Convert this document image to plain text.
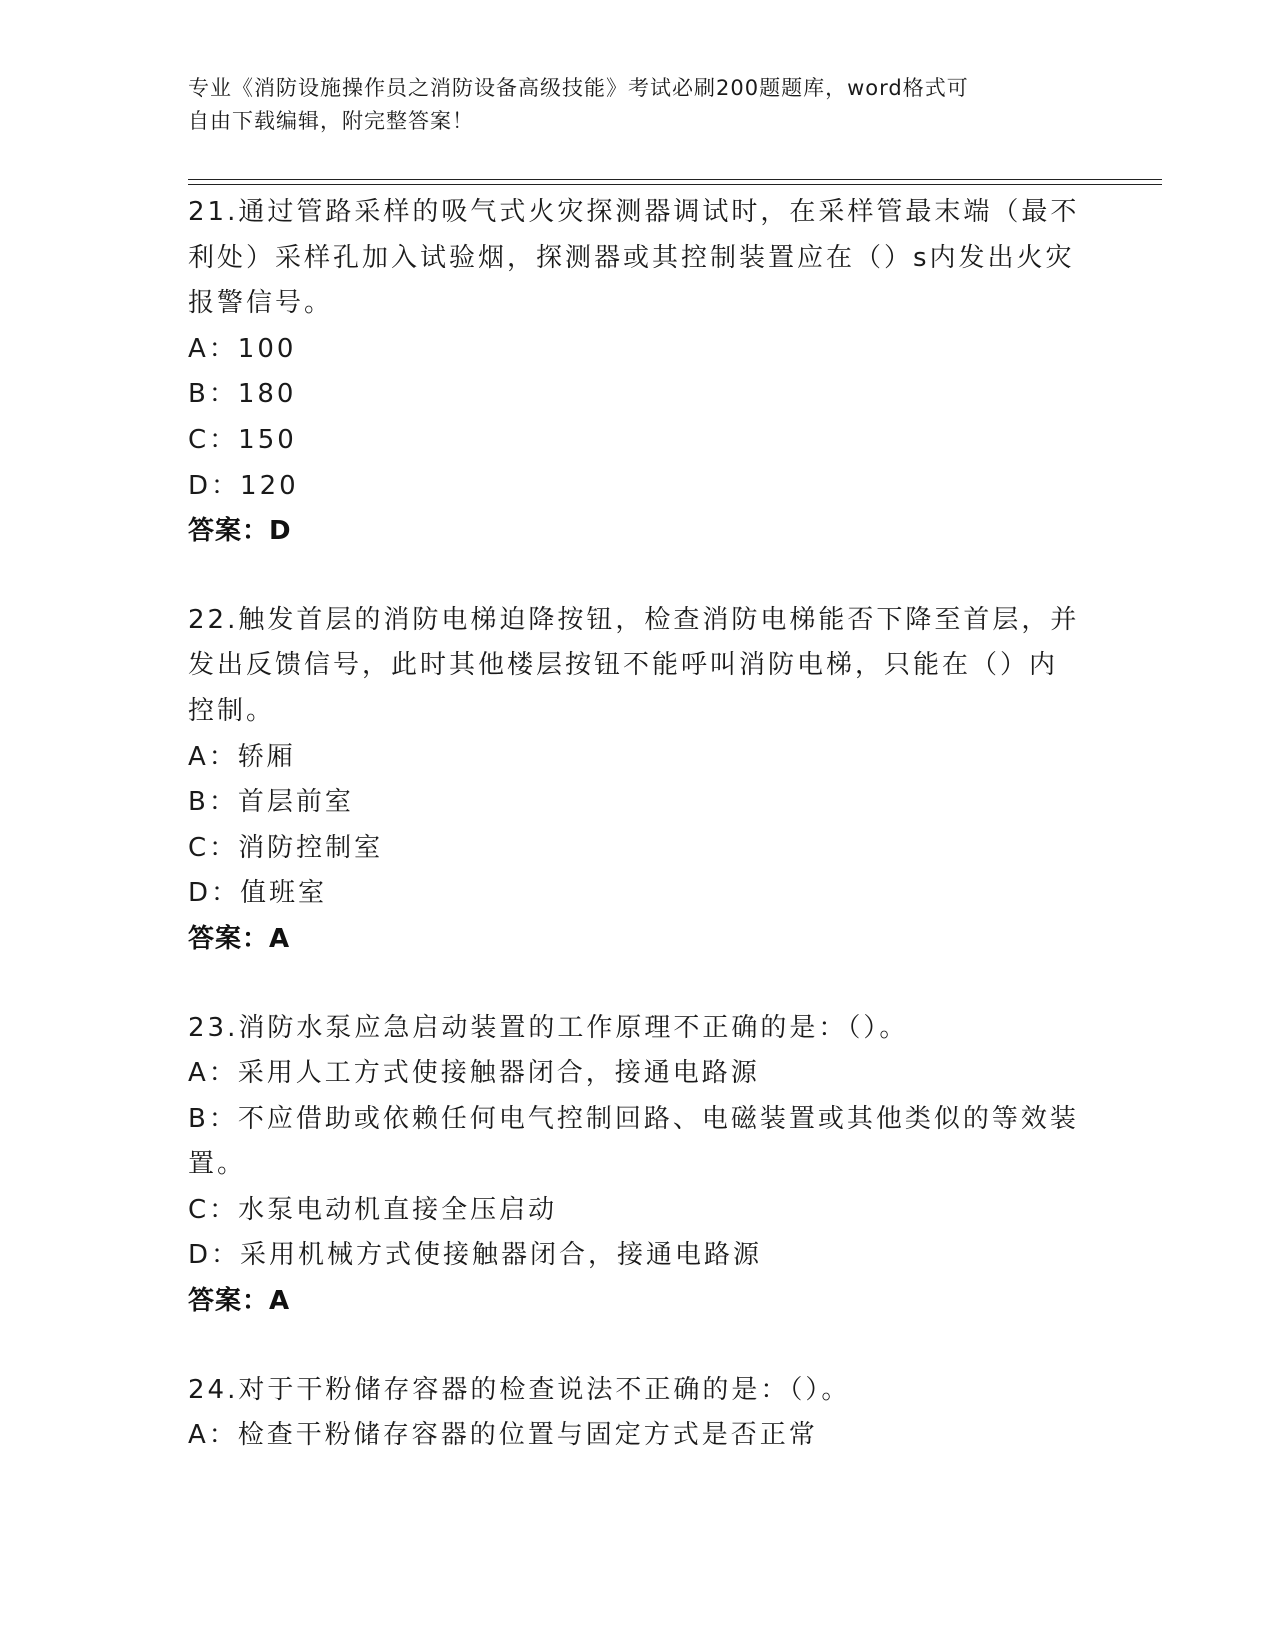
专业《消防设施操作员之消防设备高级技能》考试必刷200题题库，word格式可
自由下载编辑，附完整答案！
21.通过管路采样的吸气式火灾探测器调试时，在采样管最末端（最不
利处）采样孔加入试验烟，探测器或其控制装置应在（）s内发出火灾
报警信号。
A：100
B：180
C：150
D：120
答案：D
22.触发首层的消防电梯迫降按钮，检查消防电梯能否下降至首层，并
发出反馈信号，此时其他楼层按钮不能呼叫消防电梯，只能在（）内
控制。
A：轿厢
B：首层前室
C：消防控制室
D：值班室
答案：A
23.消防水泵应急启动装置的工作原理不正确的是：（）。
A：采用人工方式使接触器闭合，接通电路源
B：不应借助或依赖任何电气控制回路、电磁装置或其他类似的等效装
置。
C：水泵电动机直接全压启动
D：采用机械方式使接触器闭合，接通电路源
答案：A
24.对于干粉储存容器的检查说法不正确的是：（）。
A：检查干粉储存容器的位置与固定方式是否正常
